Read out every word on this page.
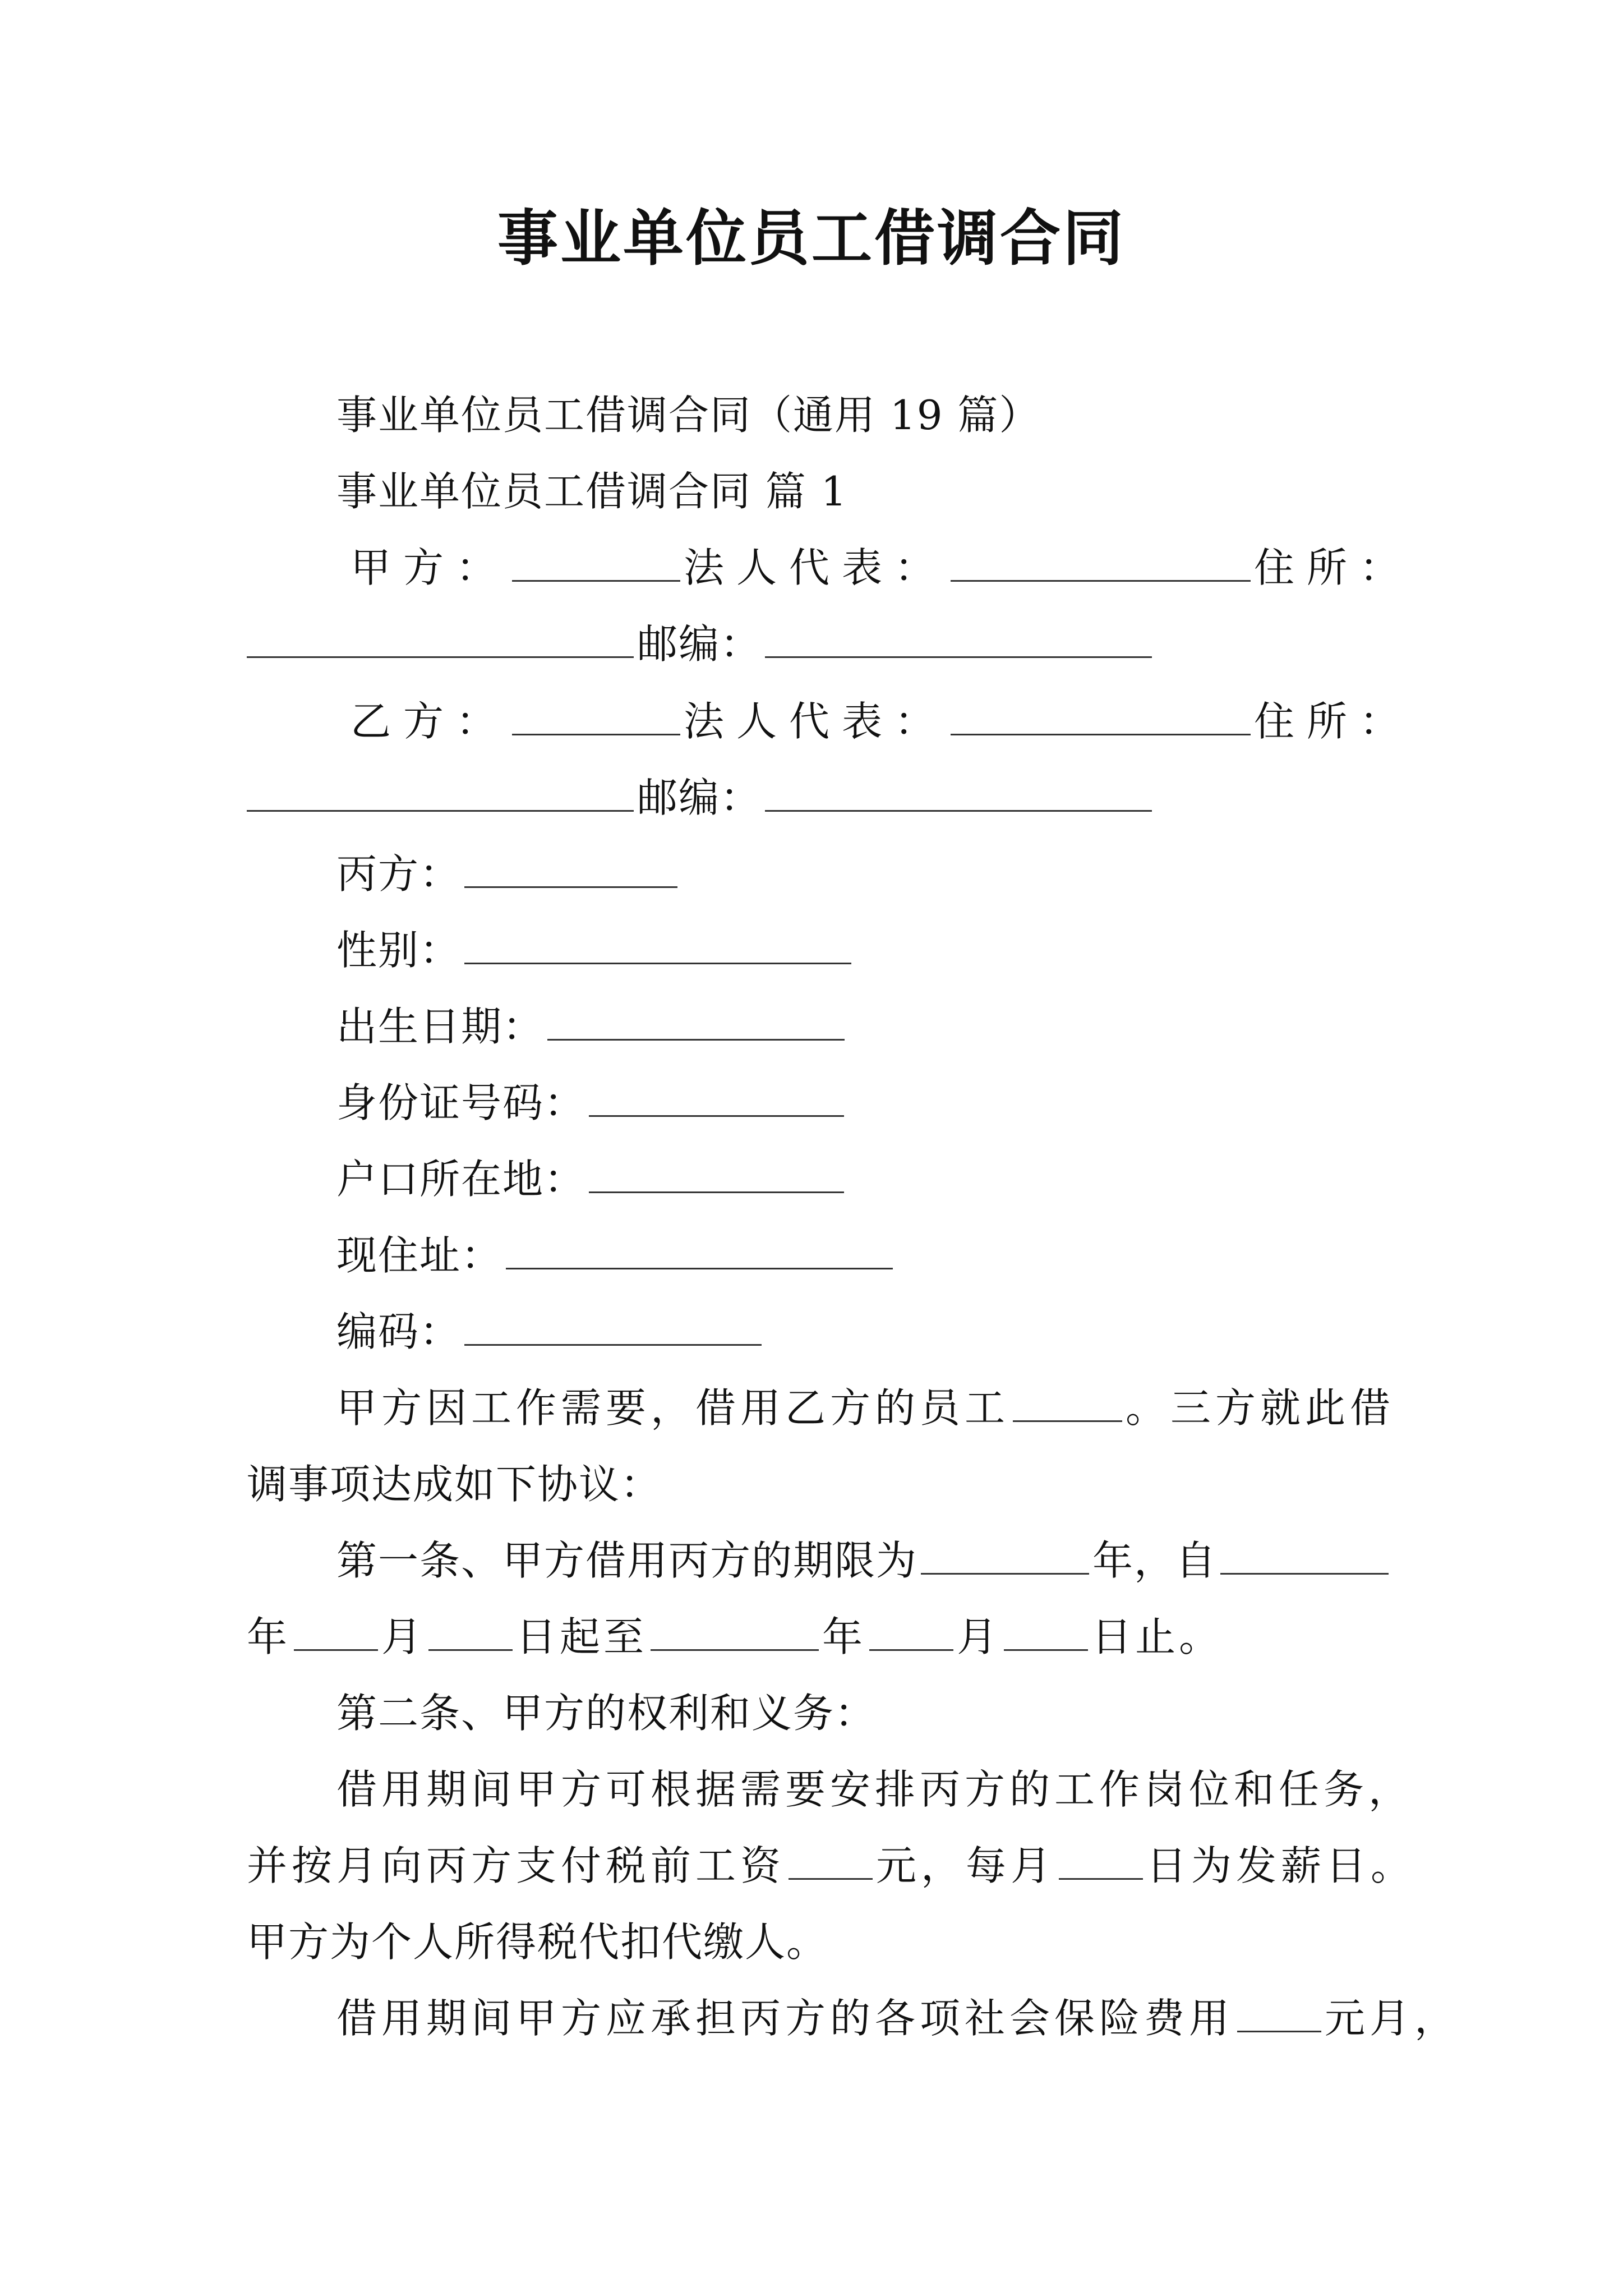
事业单位员工借调合同
事业单位员工借调合同（通用 19 篇）
事业单位员工借调合同 篇 1
甲方：	法人代表：	住所：
邮编：
乙方：	法人代表：	住所：
邮编：
丙方：
性别：
出生日期：
身份证号码：
户口所在地：
现住址：
编码：
甲方因工作需要，借用乙方的员工	。三方就此借
调事项达成如下协议：
第一条、甲方借用丙方的期限为	年，自
年 月 日起至	年 月 日止。
第二条、甲方的权利和义务：
借用期间甲方可根据需要安排丙方的工作岗位和任务，
并按月向丙方支付税前工资 元，每月 日为发薪日。
甲方为个人所得税代扣代缴人。
借用期间甲方应承担丙方的各项社会保险费用 元月，
